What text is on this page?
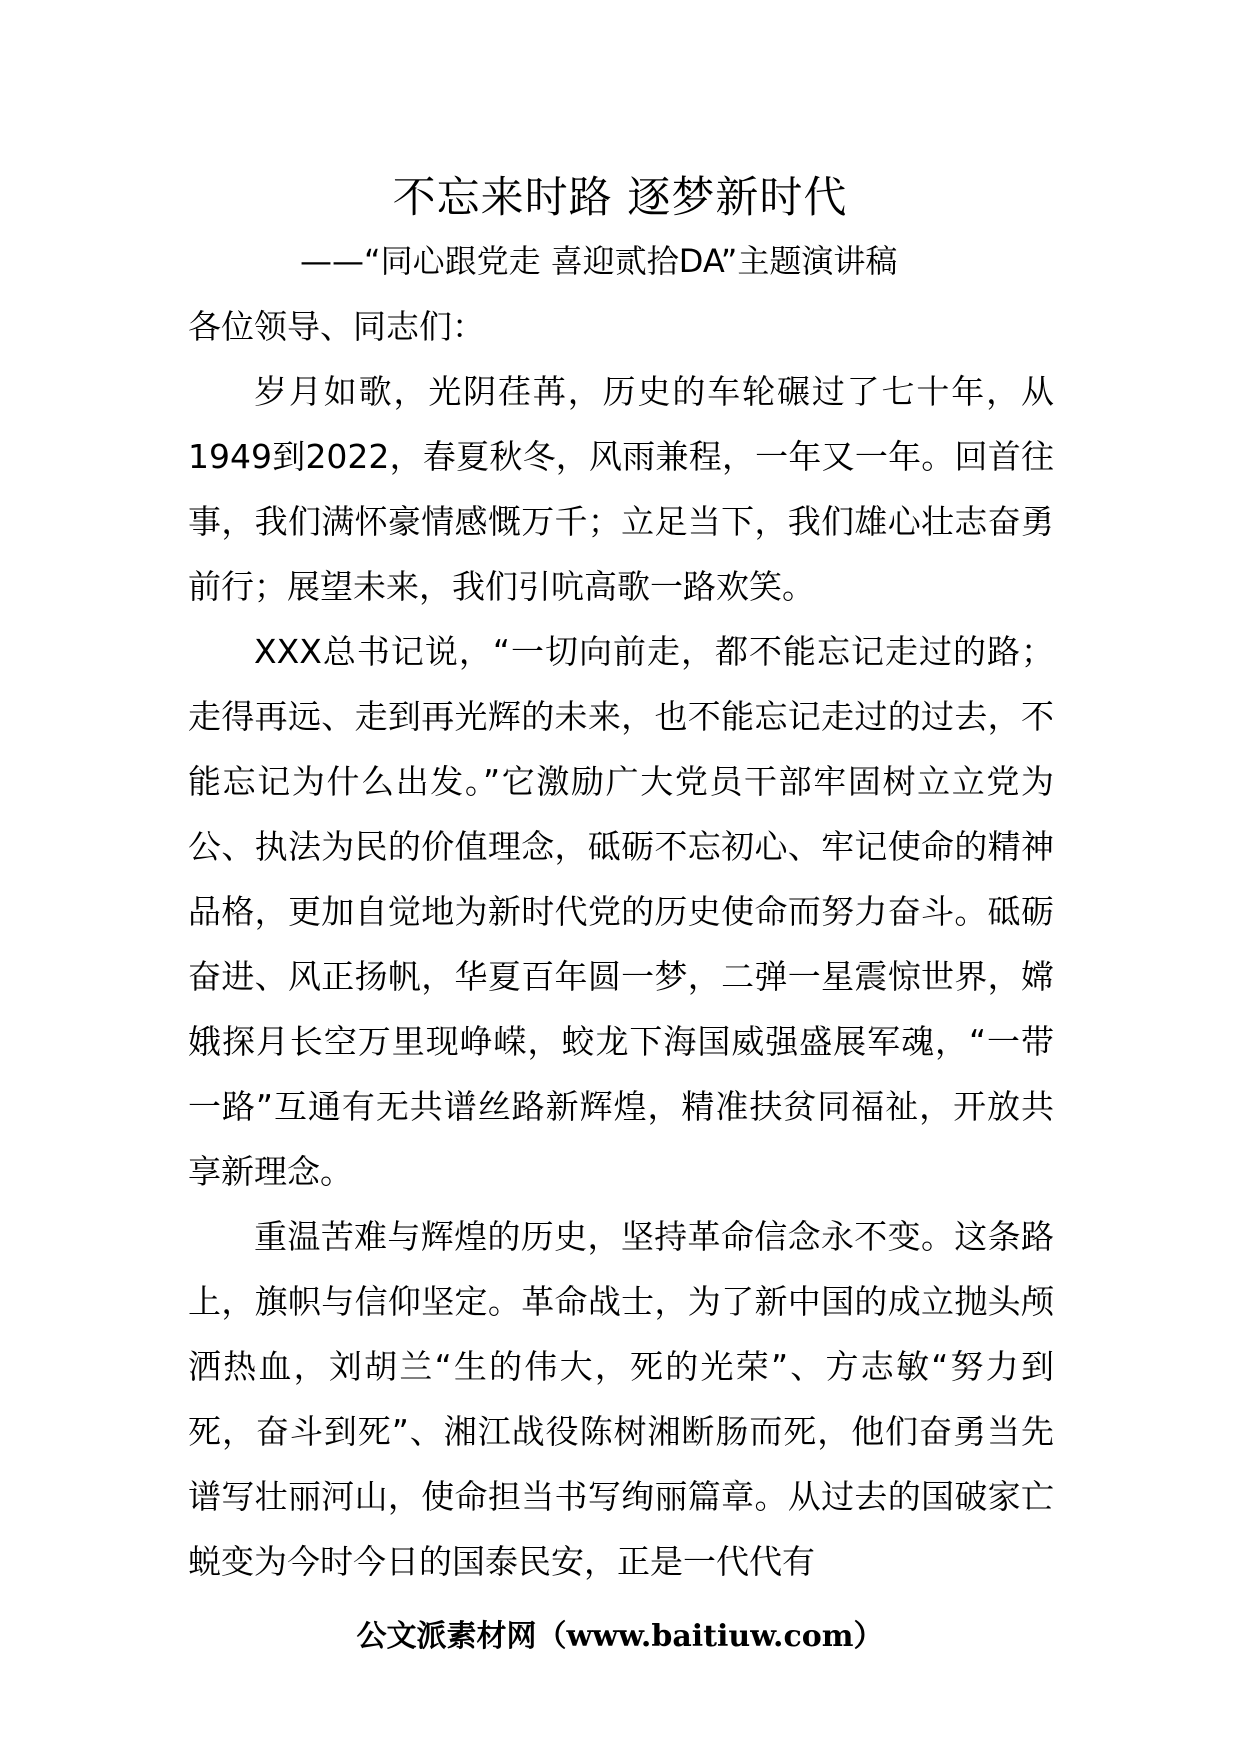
不忘来时路 逐梦新时代
——“同心跟党走 喜迎贰拾DA”主题演讲稿

各位领导、同志们：

岁月如歌，光阴荏苒，历史的车轮碾过了七十年，从1949到2022，春夏秋冬，风雨兼程，一年又一年。回首往事，我们满怀豪情感慨万千；立足当下，我们雄心壮志奋勇前行；展望未来，我们引吭高歌一路欢笑。

XXX总书记说，“一切向前走，都不能忘记走过的路；走得再远、走到再光辉的未来，也不能忘记走过的过去，不能忘记为什么出发。”它激励广大党员干部牢固树立立党为公、执法为民的价值理念，砥砺不忘初心、牢记使命的精神品格，更加自觉地为新时代党的历史使命而努力奋斗。砥砺奋进、风正扬帆，华夏百年圆一梦，二弹一星震惊世界，嫦娥探月长空万里现峥嵘，蛟龙下海国威强盛展军魂，“一带一路”互通有无共谱丝路新辉煌，精准扶贫同福祉，开放共享新理念。

重温苦难与辉煌的历史，坚持革命信念永不变。这条路上，旗帜与信仰坚定。革命战士，为了新中国的成立抛头颅洒热血，刘胡兰“生的伟大，死的光荣”、方志敏“努力到死，奋斗到死”、湘江战役陈树湘断肠而死，他们奋勇当先谱写壮丽河山，使命担当书写绚丽篇章。从过去的国破家亡蜕变为今时今日的国泰民安，正是一代代有

公文派素材网（www.baitiuw.com）
